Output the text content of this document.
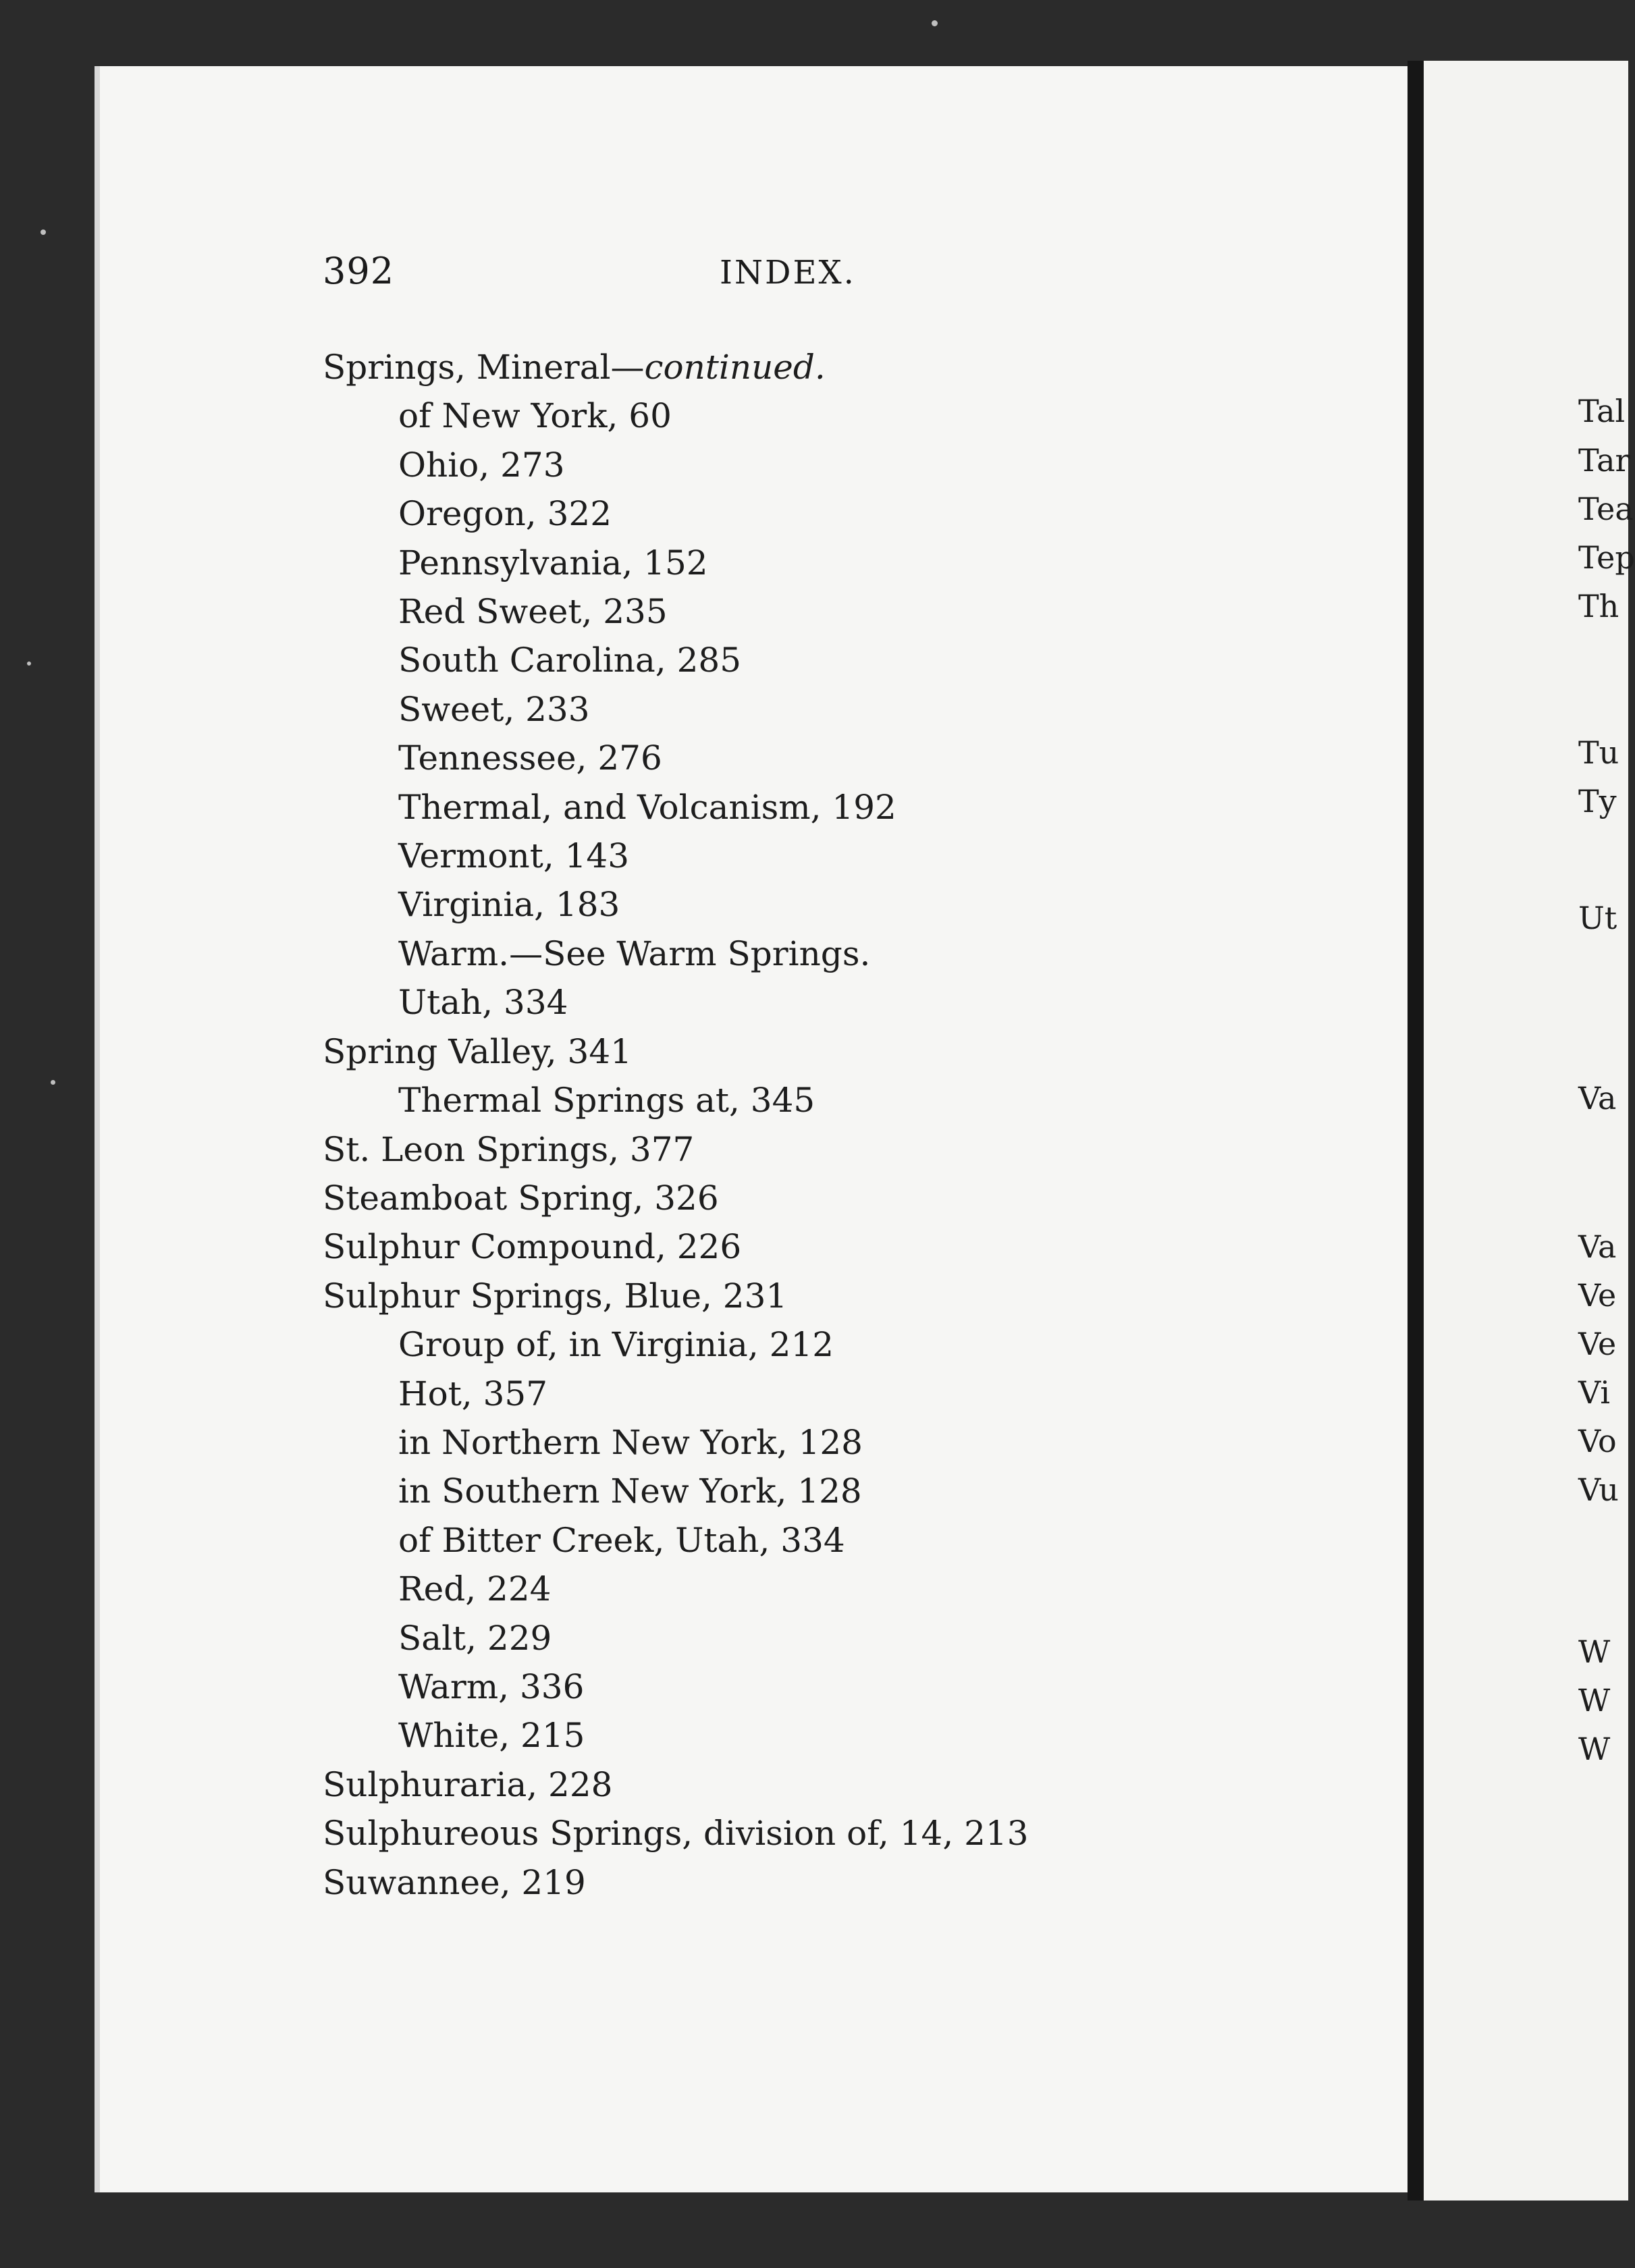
392	INDEX.
Springs, Mineral—continued.
of New York, 60
Ohio, 273
Oregon, 322
Pennsylvania, 152
Red Sweet, 235
South Carolina, 285
Sweet, 233
Tennessee, 276
Thermal, and Volcanism, 192
Vermont, 143
Virginia, 183
Warm.—See Warm Springs.
Utah, 334
Spring Valley, 341
Thermal Springs at, 345
St. Leon Springs, 377
Steamboat Spring, 326
Sulphur Compound, 226
Sulphur Springs, Blue, 231
Group of, in Virginia, 212
Hot, 357
in Northern New York, 128
in Southern New York, 128
of Bitter Creek, Utah, 334
Red, 224
Salt, 229
Warm, 336
White, 215
Sulphuraria, 228
Sulphureous Springs, division of, 14, 213
Suwannee, 219
Tal
Tar
Tea
Tep
Th
Tu
Ty
Ut
Va
Va
Ve
Ve
Vi
Vo
Vu
W
W
W
